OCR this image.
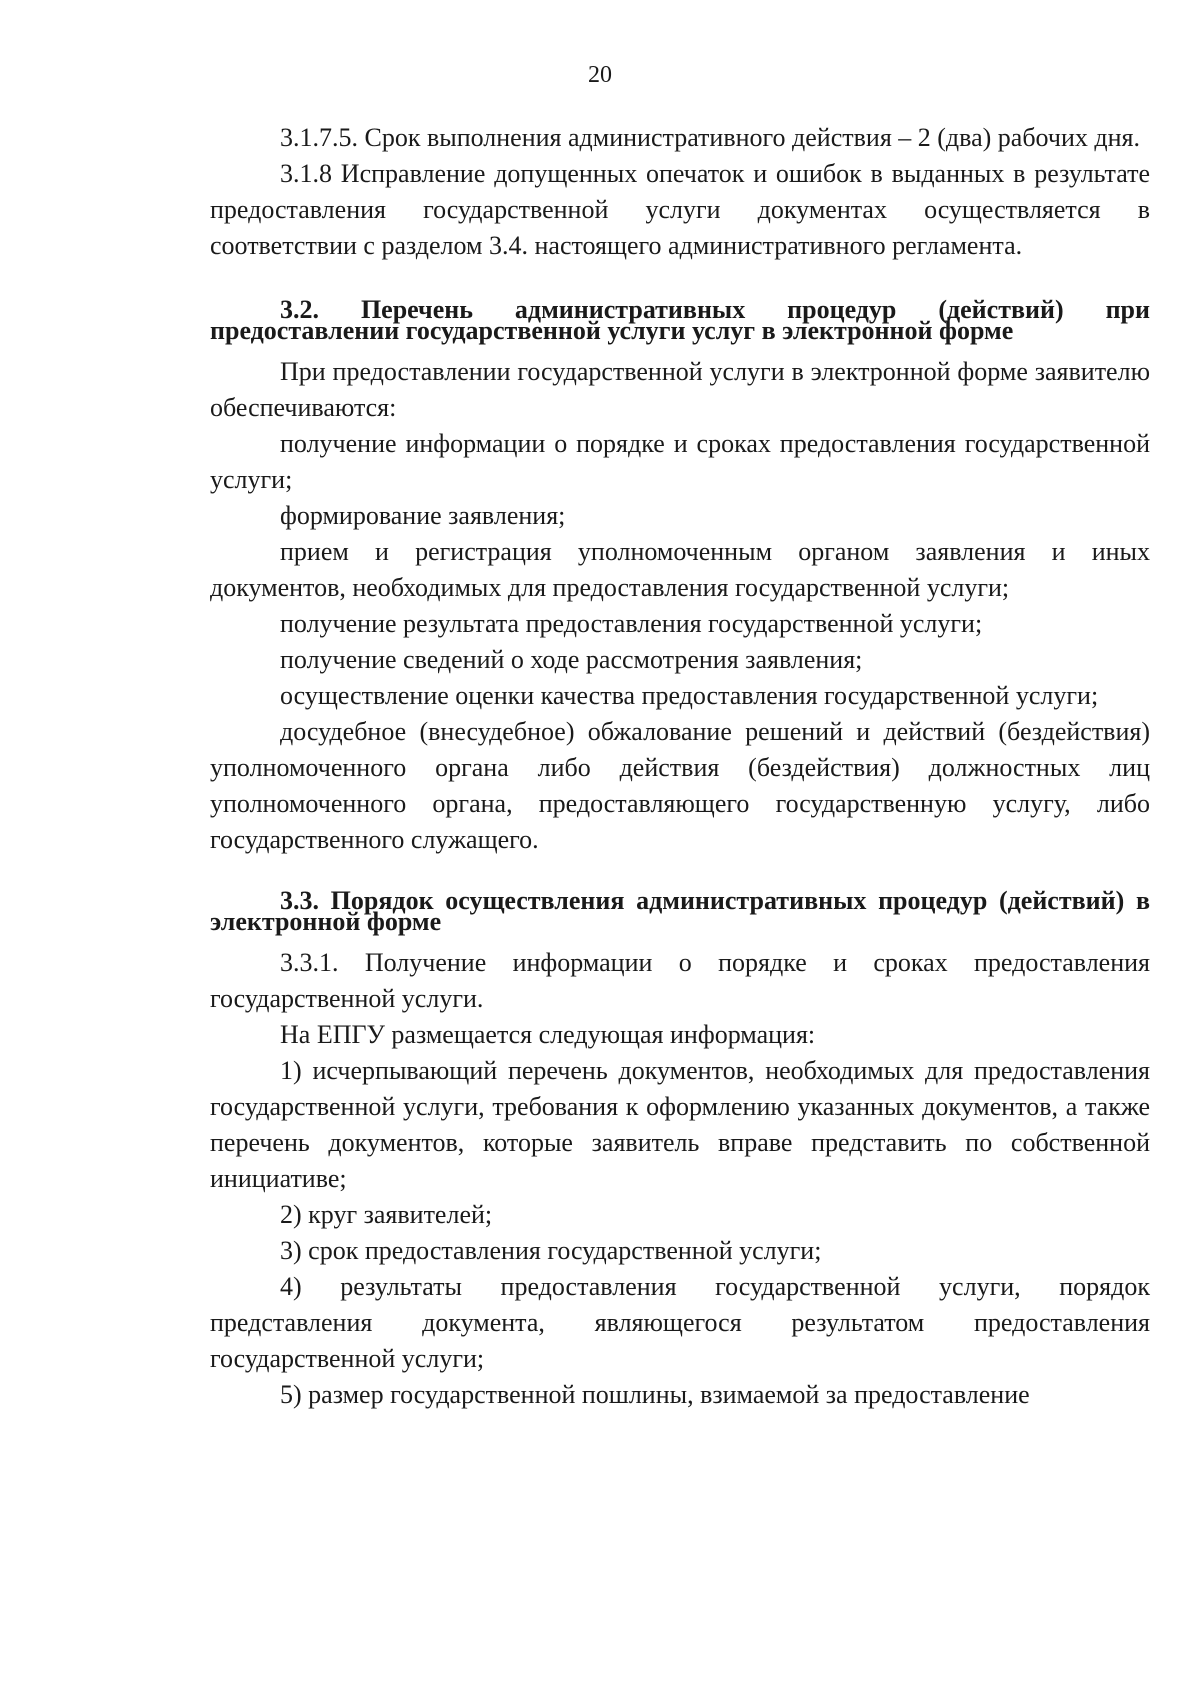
20

3.1.7.5. Срок выполнения административного действия – 2 (два) рабочих дня.

3.1.8 Исправление допущенных опечаток и ошибок в выданных в результате предоставления государственной услуги документах осуществляется в соответствии с разделом 3.4. настоящего административного регламента.

3.2. Перечень административных процедур (действий) при предоставлении государственной услуги услуг в электронной форме

При предоставлении государственной услуги в электронной форме заявителю обеспечиваются:

получение информации о порядке и сроках предоставления государственной услуги;

формирование заявления;

прием и регистрация уполномоченным органом заявления и иных документов, необходимых для предоставления государственной услуги;

получение результата предоставления государственной услуги;

получение сведений о ходе рассмотрения заявления;

осуществление оценки качества предоставления государственной услуги;

досудебное (внесудебное) обжалование решений и действий (бездействия) уполномоченного органа либо действия (бездействия) должностных лиц уполномоченного органа, предоставляющего государственную услугу, либо государственного служащего.

3.3. Порядок осуществления административных процедур (действий) в электронной форме

3.3.1. Получение информации о порядке и сроках предоставления государственной услуги.

На ЕПГУ размещается следующая информация:

1) исчерпывающий перечень документов, необходимых для предоставления государственной услуги, требования к оформлению указанных документов, а также перечень документов, которые заявитель вправе представить по собственной инициативе;

2) круг заявителей;

3) срок предоставления государственной услуги;

4) результаты предоставления государственной услуги, порядок представления документа, являющегося результатом предоставления государственной услуги;

5) размер государственной пошлины, взимаемой за предоставление
